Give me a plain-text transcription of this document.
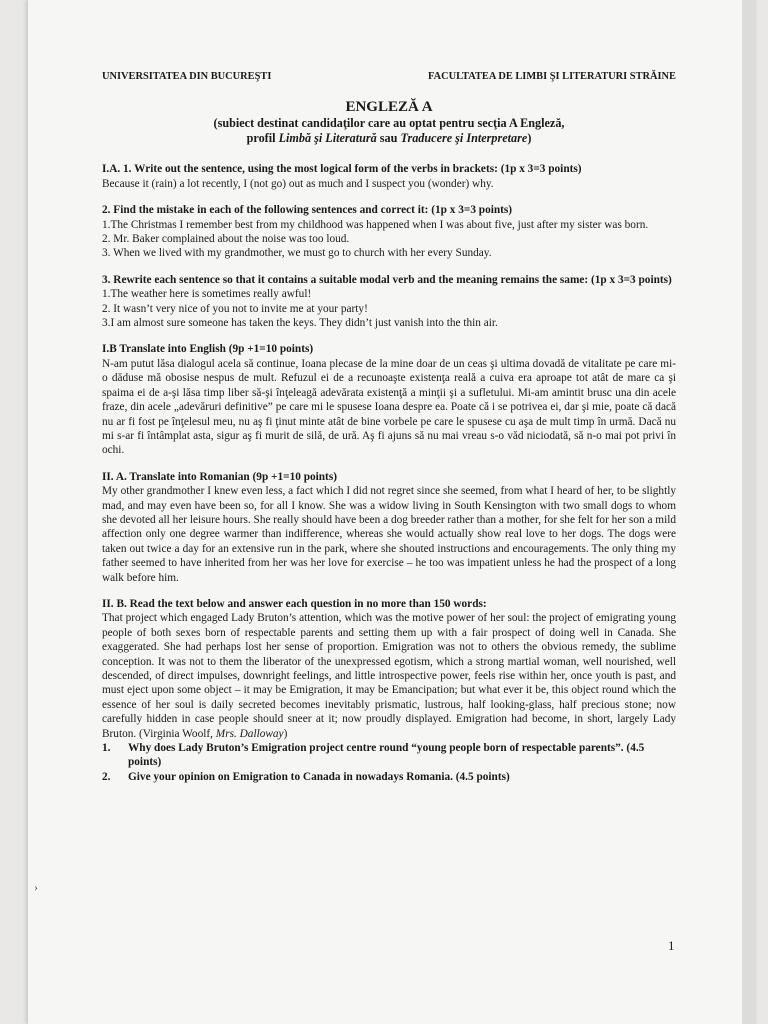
UNIVERSITATEA DIN BUCUREŞTI	FACULTATEA DE LIMBI ŞI LITERATURI STRĂINE
ENGLEZĂ A
(subiect destinat candidaţilor care au optat pentru secţia A Engleză,
profil Limbă şi Literatură sau Traducere şi Interpretare)

I.A. 1. Write out the sentence, using the most logical form of the verbs in brackets: (1p x 3=3 points)

Because it (rain) a lot recently, I (not go) out as much and I suspect you (wonder) why.

2. Find the mistake in each of the following sentences and correct it: (1p x 3=3 points)

1.The Christmas I remember best from my childhood was happened when I was about five, just after my sister was born.

2. Mr. Baker complained about the noise was too loud.

3. When we lived with my grandmother, we must go to church with her every Sunday.

3. Rewrite each sentence so that it contains a suitable modal verb and the meaning remains the same: (1p x 3=3 points)

1.The weather here is sometimes really awful!

2. It wasn’t very nice of you not to invite me at your party!

3.I am almost sure someone has taken the keys. They didn’t just vanish into the thin air.

I.B Translate into English (9p +1=10 points)

N-am putut lăsa dialogul acela să continue, Ioana plecase de la mine doar de un ceas şi ultima dovadă de vitalitate pe care mi-o dăduse mă obosise nespus de mult. Refuzul ei de a recunoaşte existenţa reală a cuiva era aproape tot atât de mare ca şi spaima ei de a-şi lăsa timp liber să-şi înţeleagă adevărata existenţă a minţii şi a sufletului. Mi-am amintit brusc una din acele fraze, din acele „adevăruri definitive” pe care mi le spusese Ioana despre ea. Poate că i se potrivea ei, dar şi mie, poate că dacă nu ar fi fost pe înţelesul meu, nu aş fi ţinut minte atât de bine vorbele pe care le spusese cu aşa de mult timp în urmă. Dacă nu mi s-ar fi întâmplat asta, sigur aş fi murit de silă, de ură. Aş fi ajuns să nu mai vreau s-o văd niciodată, să n-o mai pot privi în ochi.

II. A. Translate into Romanian (9p +1=10 points)

My other grandmother I knew even less, a fact which I did not regret since she seemed, from what I heard of her, to be slightly mad, and may even have been so, for all I know. She was a widow living in South Kensington with two small dogs to whom she devoted all her leisure hours. She really should have been a dog breeder rather than a mother, for she felt for her son a mild affection only one degree warmer than indifference, whereas she would actually show real love to her dogs. The dogs were taken out twice a day for an extensive run in the park, where she shouted instructions and encouragements. The only thing my father seemed to have inherited from her was her love for exercise – he too was impatient unless he had the prospect of a long walk before him.

II. B. Read the text below and answer each question in no more than 150 words:

That project which engaged Lady Bruton’s attention, which was the motive power of her soul: the project of emigrating young people of both sexes born of respectable parents and setting them up with a fair prospect of doing well in Canada. She exaggerated. She had perhaps lost her sense of proportion. Emigration was not to others the obvious remedy, the sublime conception. It was not to them the liberator of the unexpressed egotism, which a strong martial woman, well nourished, well descended, of direct impulses, downright feelings, and little introspective power, feels rise within her, once youth is past, and must eject upon some object – it may be Emigration, it may be Emancipation; but what ever it be, this object round which the essence of her soul is daily secreted becomes inevitably prismatic, lustrous, half looking-glass, half precious stone; now carefully hidden in case people should sneer at it; now proudly displayed. Emigration had become, in short, largely Lady Bruton. (Virginia Woolf, Mrs. Dalloway)

1.	Why does Lady Bruton’s Emigration project centre round “young people born of respectable parents”. (4.5 points)
2.	Give your opinion on Emigration to Canada in nowadays Romania. (4.5 points)
›
1
